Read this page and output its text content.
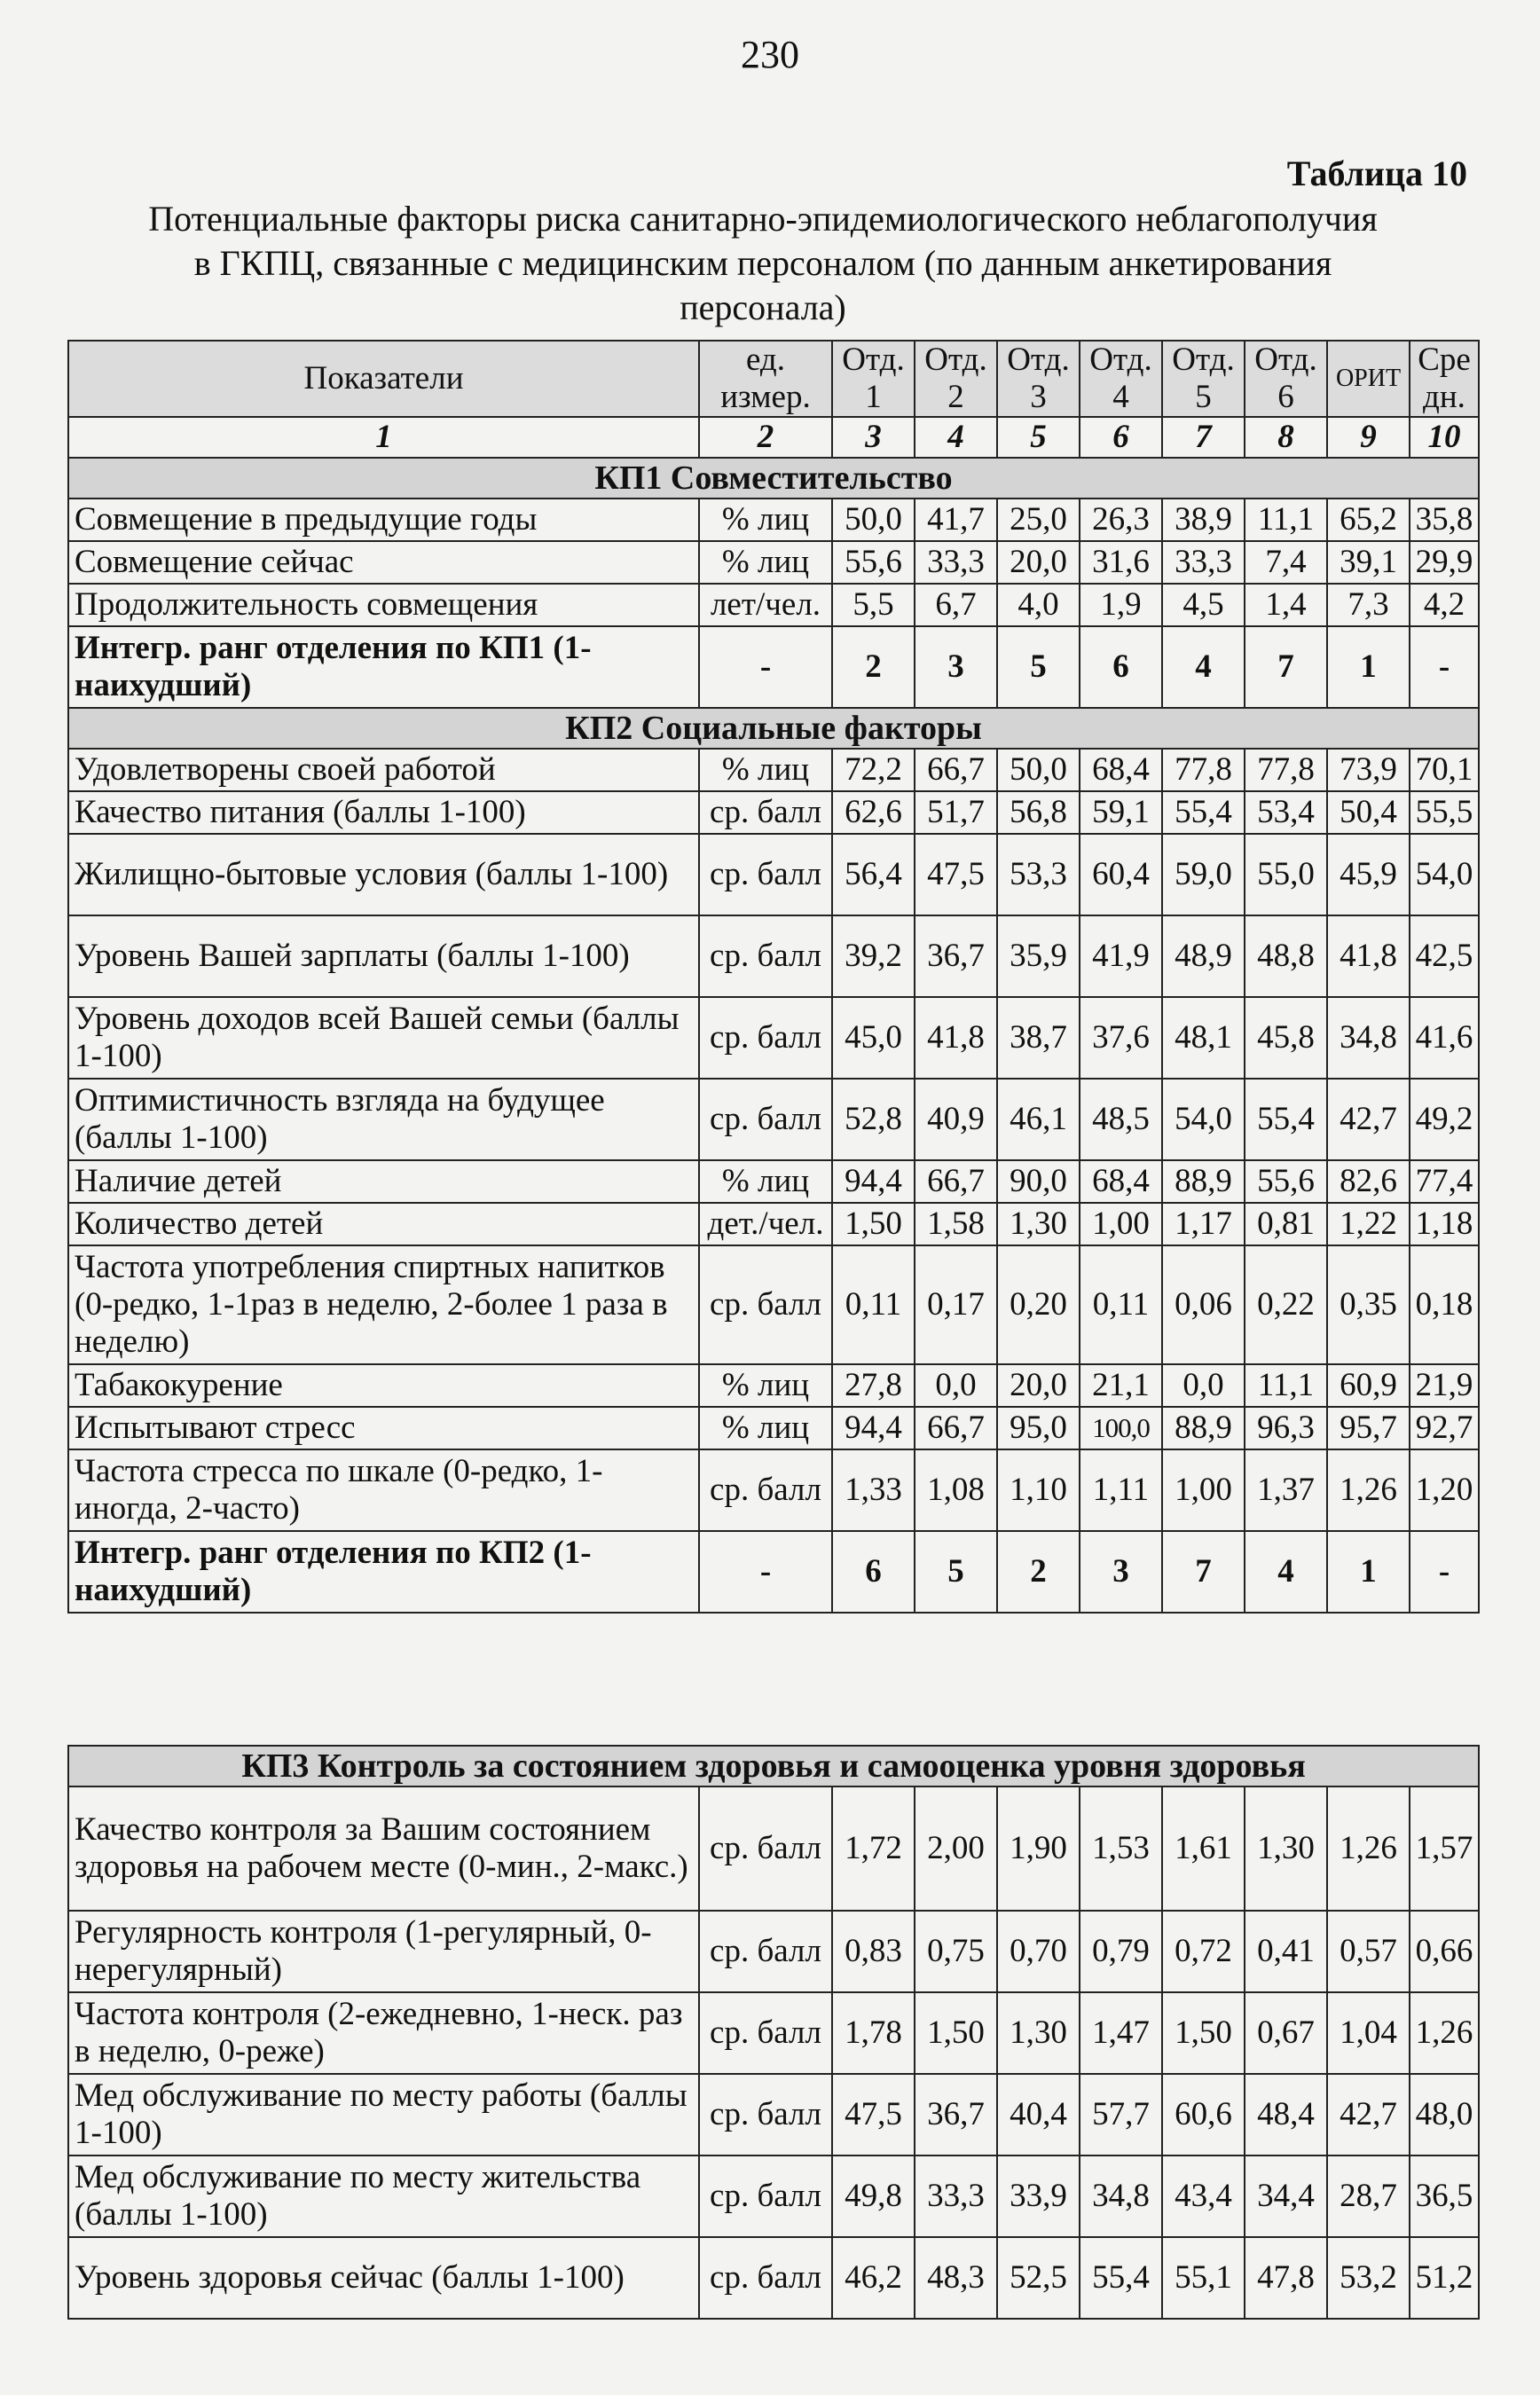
230
Таблица 10
Потенциальные факторы риска санитарно-эпидемиологического неблагополучия
в ГКПЦ, связанные с медицинским персоналом (по данным анкетирования
персонала)
Показатели	ед. измер.	Отд. 1	Отд. 2	Отд. 3	Отд. 4	Отд. 5	Отд. 6	ОРИТ	Сре дн.
1	2	3	4	5	6	7	8	9	10
КП1 Совместительство									
Совмещение в предыдущие годы	% лиц	50,0	41,7	25,0	26,3	38,9	11,1	65,2	35,8
Совмещение сейчас	% лиц	55,6	33,3	20,0	31,6	33,3	7,4	39,1	29,9
Продолжительность совмещения	лет/чел.	5,5	6,7	4,0	1,9	4,5	1,4	7,3	4,2
Интегр. ранг отделения по КП1 (1-наихудший)	-	2	3	5	6	4	7	1	-
КП2 Социальные факторы									
Удовлетворены своей работой	% лиц	72,2	66,7	50,0	68,4	77,8	77,8	73,9	70,1
Качество питания (баллы 1-100)	ср. балл	62,6	51,7	56,8	59,1	55,4	53,4	50,4	55,5
Жилищно-бытовые условия (баллы 1-100)	ср. балл	56,4	47,5	53,3	60,4	59,0	55,0	45,9	54,0
Уровень Вашей зарплаты (баллы 1-100)	ср. балл	39,2	36,7	35,9	41,9	48,9	48,8	41,8	42,5
Уровень доходов всей Вашей семьи (баллы 1-100)	ср. балл	45,0	41,8	38,7	37,6	48,1	45,8	34,8	41,6
Оптимистичность взгляда на будущее (баллы 1-100)	ср. балл	52,8	40,9	46,1	48,5	54,0	55,4	42,7	49,2
Наличие детей	% лиц	94,4	66,7	90,0	68,4	88,9	55,6	82,6	77,4
Количество детей	дет./чел.	1,50	1,58	1,30	1,00	1,17	0,81	1,22	1,18
Частота употребления спиртных напитков (0-редко, 1-1раз в неделю, 2-более 1 раза в неделю)	ср. балл	0,11	0,17	0,20	0,11	0,06	0,22	0,35	0,18
Табакокурение	% лиц	27,8	0,0	20,0	21,1	0,0	11,1	60,9	21,9
Испытывают стресс	% лиц	94,4	66,7	95,0	100,0	88,9	96,3	95,7	92,7
Частота стресса по шкале (0-редко, 1-иногда, 2-часто)	ср. балл	1,33	1,08	1,10	1,11	1,00	1,37	1,26	1,20
Интегр. ранг отделения по КП2 (1-наихудший)	-	6	5	2	3	7	4	1	-
КП3 Контроль за состоянием здоровья и самооценка уровня здоровья									
Качество контроля за Вашим состоянием здоровья на рабочем месте (0-мин., 2-макс.)	ср. балл	1,72	2,00	1,90	1,53	1,61	1,30	1,26	1,57
Регулярность контроля (1-регулярный, 0-нерегулярный)	ср. балл	0,83	0,75	0,70	0,79	0,72	0,41	0,57	0,66
Частота контроля (2-ежедневно, 1-неск. раз в неделю, 0-реже)	ср. балл	1,78	1,50	1,30	1,47	1,50	0,67	1,04	1,26
Мед обслуживание по месту работы (баллы 1-100)	ср. балл	47,5	36,7	40,4	57,7	60,6	48,4	42,7	48,0
Мед обслуживание по месту жительства (баллы 1-100)	ср. балл	49,8	33,3	33,9	34,8	43,4	34,4	28,7	36,5
Уровень здоровья сейчас (баллы 1-100)	ср. балл	46,2	48,3	52,5	55,4	55,1	47,8	53,2	51,2
